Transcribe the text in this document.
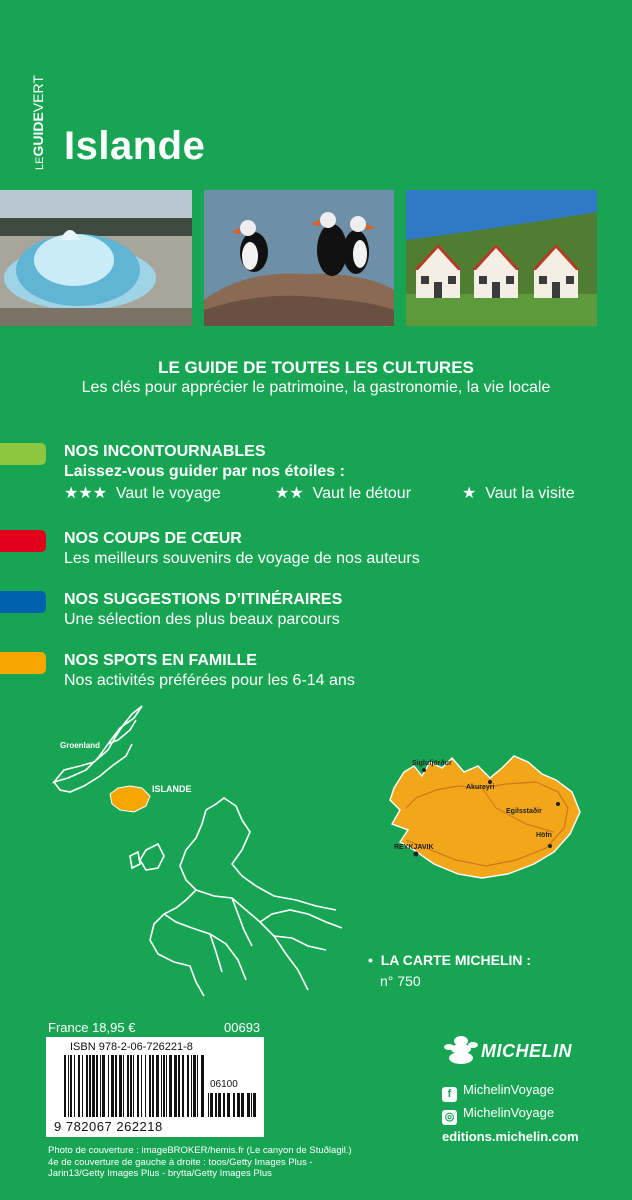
LEGUIDEVERT
Islande
LE GUIDE DE TOUTES LES CULTURES
Les clés pour apprécier le patrimoine, la gastronomie, la vie locale
NOS INCONTOURNABLES
Laissez-vous guider par nos étoiles :
★★★ Vaut le voyage	★★ Vaut le détour	★ Vaut la visite
NOS COUPS DE CŒUR
Les meilleurs souvenirs de voyage de nos auteurs
NOS SUGGESTIONS D’ITINÉRAIRES
Une sélection des plus beaux parcours
NOS SPOTS EN FAMILLE
Nos activités préférées pour les 6-14 ans
Groenland
ISLANDE
Siglufjörður
Akureyri
Egilsstaðir
Höfn
REYKJAVIK
• LA CARTE MICHELIN :
n° 750
France 18,95 €	00693
ISBN 978-2-06-726221-8
06100
9 782067 262218
Photo de couverture : imageBROKER/hemis.fr (Le canyon de Stuðlagil.)
4e de couverture de gauche à droite : toos/Getty Images Plus -
Jarin13/Getty Images Plus - brytta/Getty Images Plus
MICHELIN
f MichelinVoyage
◎ MichelinVoyage
editions.michelin.com
